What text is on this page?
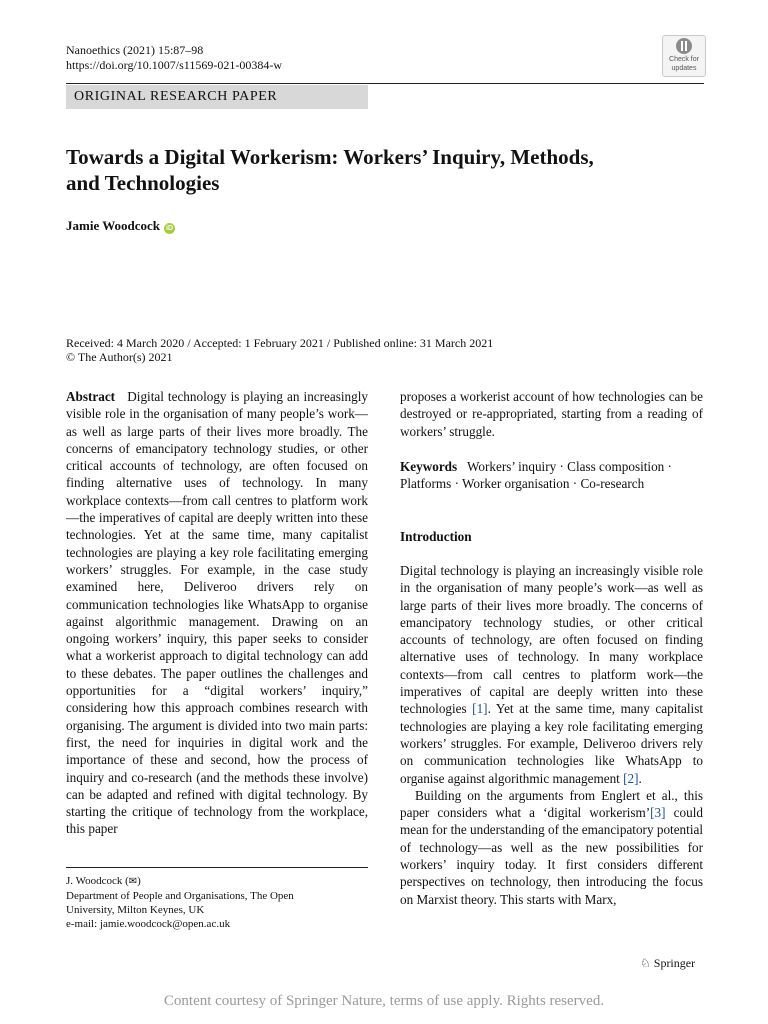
Nanoethics (2021) 15:87–98
https://doi.org/10.1007/s11569-021-00384-w	Check for
updates
ORIGINAL RESEARCH PAPER
Towards a Digital Workerism: Workers’ Inquiry, Methods,
and Technologies
Jamie Woodcock iD
Received: 4 March 2020 / Accepted: 1 February 2021 / Published online: 31 March 2021
© The Author(s) 2021

Abstract Digital technology is playing an increasingly visible role in the organisation of many people’s work—as well as large parts of their lives more broadly. The concerns of emancipatory technology studies, or other critical accounts of technology, are often focused on finding alternative uses of technology. In many workplace contexts—from call centres to platform work—the imperatives of capital are deeply written into these technologies. Yet at the same time, many capitalist technologies are playing a key role facilitating emerging workers’ struggles. For example, in the case study examined here, Deliveroo drivers rely on communication technologies like WhatsApp to organise against algorithmic management. Drawing on an ongoing workers’ inquiry, this paper seeks to consider what a workerist approach to digital technology can add to these debates. The paper outlines the challenges and opportunities for a “digital workers’ inquiry,” considering how this approach combines research with organising. The argument is divided into two main parts: first, the need for inquiries in digital work and the importance of these and second, how the process of inquiry and co-research (and the methods these involve) can be adapted and refined with digital technology. By starting the critique of technology from the workplace, this paper

proposes a workerist account of how technologies can be destroyed or re-appropriated, starting from a reading of workers’ struggle.
Keywords Workers’ inquiry · Class composition · Platforms · Worker organisation · Co-research
Introduction

Digital technology is playing an increasingly visible role in the organisation of many people’s work—as well as large parts of their lives more broadly. The concerns of emancipatory technology studies, or other critical accounts of technology, are often focused on finding alternative uses of technology. In many workplace contexts—from call centres to platform work—the imperatives of capital are deeply written into these technologies [1]. Yet at the same time, many capitalist technologies are playing a key role facilitating emerging workers’ struggles. For example, Deliveroo drivers rely on communication technologies like WhatsApp to organise against algorithmic management [2].

Building on the arguments from Englert et al., this paper considers what a ‘digital workerism’[3] could mean for the understanding of the emancipatory potential of technology—as well as the new possibilities for workers’ inquiry today. It first considers different perspectives on technology, then introducing the focus on Marxist theory. This starts with Marx,

J. Woodcock (✉)
Department of People and Organisations, The Open
University, Milton Keynes, UK
e-mail: jamie.woodcock@open.ac.uk
♘ Springer
Content courtesy of Springer Nature, terms of use apply. Rights reserved.
